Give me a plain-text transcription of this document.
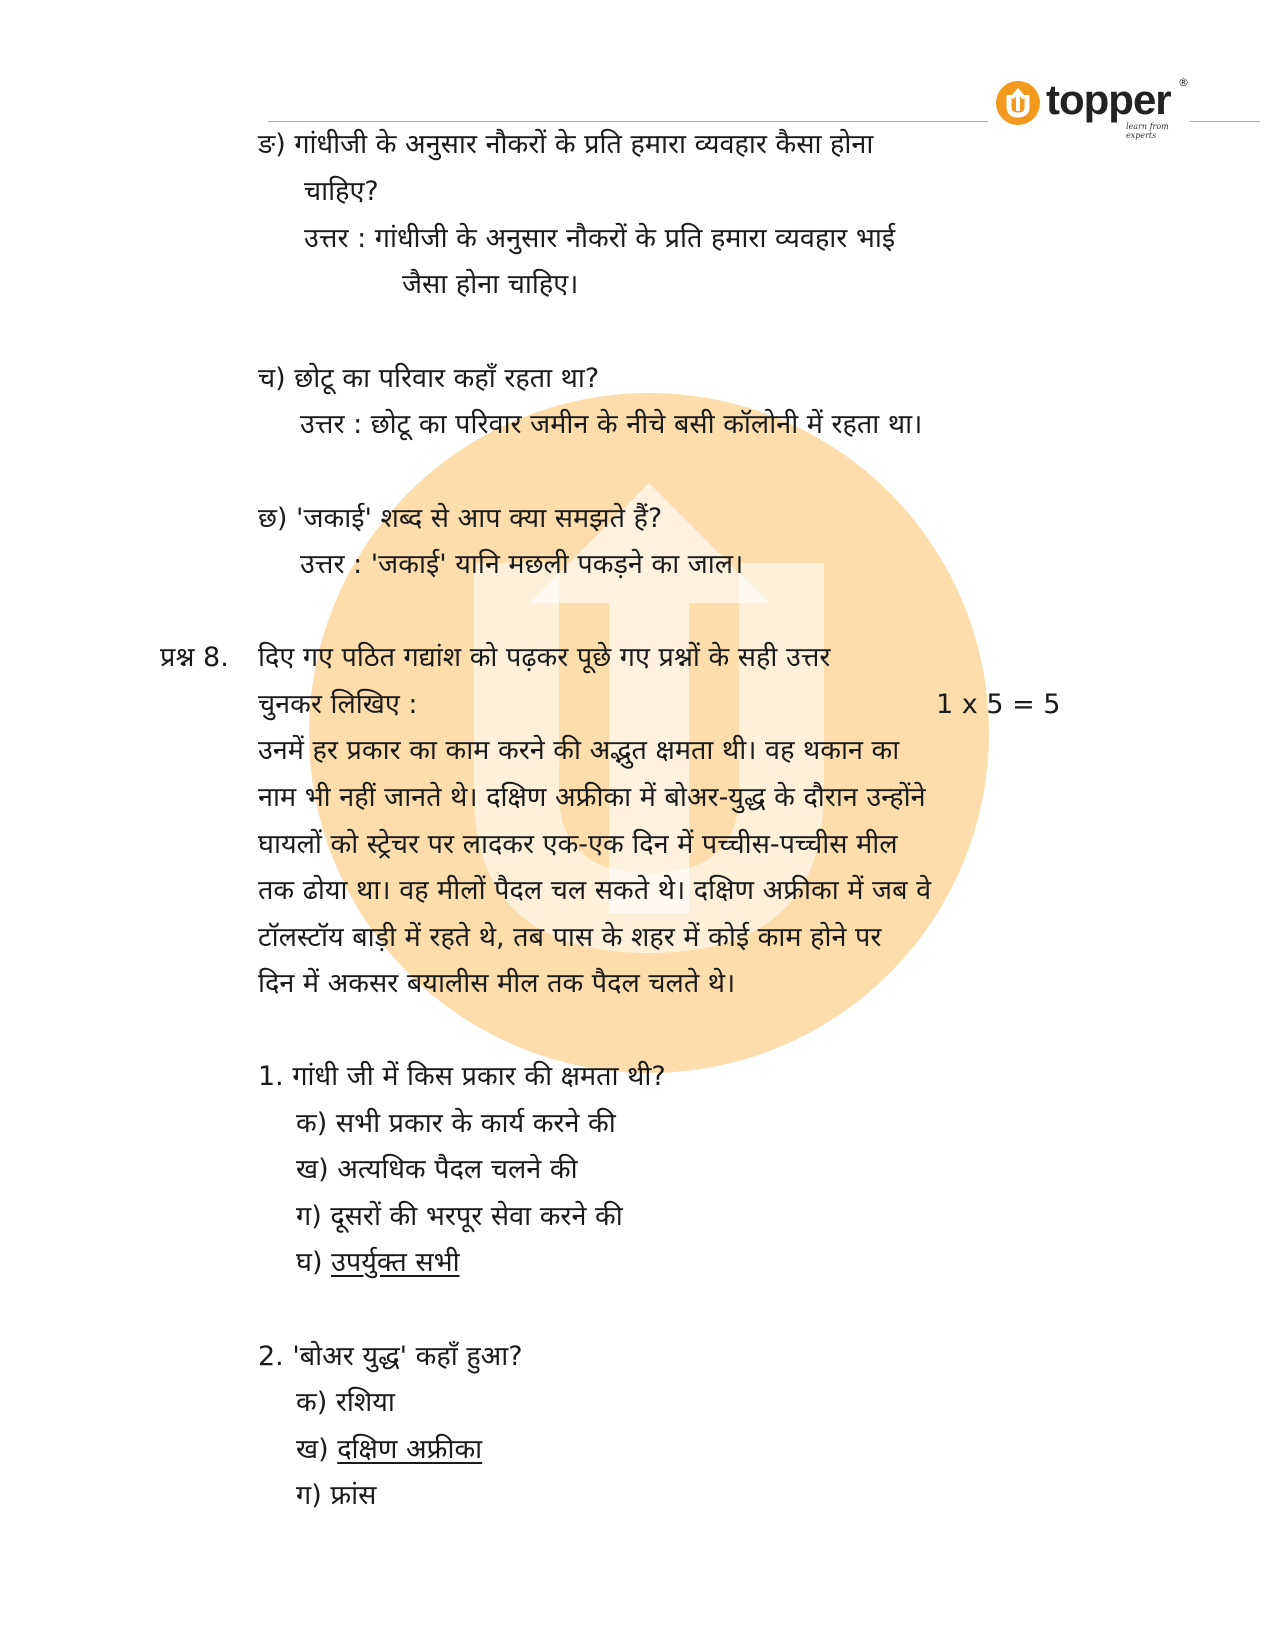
topper ®
learn from experts
ङ) गांधीजी के अनुसार नौकरों के प्रति हमारा व्यवहार कैसा होना
चाहिए?
उत्तर : गांधीजी के अनुसार नौकरों के प्रति हमारा व्यवहार भाई
जैसा होना चाहिए।
च) छोटू का परिवार कहाँ रहता था?
उत्तर : छोटू का परिवार जमीन के नीचे बसी कॉलोनी में रहता था।
छ) 'जकाई' शब्द से आप क्या समझते हैं?
उत्तर : 'जकाई' यानि मछली पकड़ने का जाल।
प्रश्न 8. दिए गए पठित गद्यांश को पढ़कर पूछे गए प्रश्नों के सही उत्तर
चुनकर लिखिए :	1 x 5 = 5
उनमें हर प्रकार का काम करने की अद्भुत क्षमता थी। वह थकान का
नाम भी नहीं जानते थे। दक्षिण अफ्रीका में बोअर-युद्ध के दौरान उन्होंने
घायलों को स्ट्रेचर पर लादकर एक-एक दिन में पच्चीस-पच्चीस मील
तक ढोया था। वह मीलों पैदल चल सकते थे। दक्षिण अफ्रीका में जब वे
टॉलस्टॉय बाड़ी में रहते थे, तब पास के शहर में कोई काम होने पर
दिन में अकसर बयालीस मील तक पैदल चलते थे।
1. गांधी जी में किस प्रकार की क्षमता थी?
क) सभी प्रकार के कार्य करने की
ख) अत्यधिक पैदल चलने की
ग) दूसरों की भरपूर सेवा करने की
घ) उपर्युक्त सभी
2. 'बोअर युद्ध' कहाँ हुआ?
क) रशिया
ख) दक्षिण अफ्रीका
ग) फ्रांस
